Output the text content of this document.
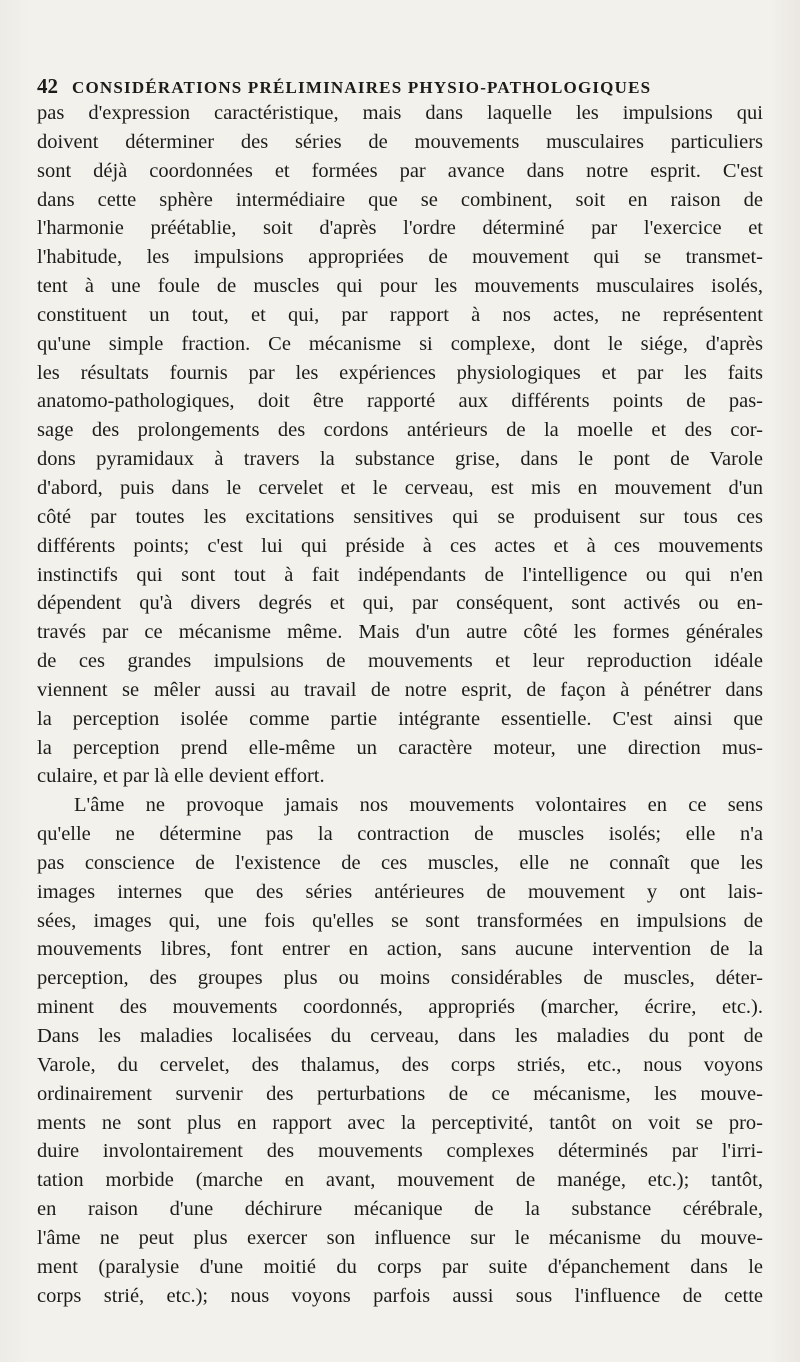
42 CONSIDÉRATIONS PRÉLIMINAIRES PHYSIO-PATHOLOGIQUES
pas d'expression caractéristique, mais dans laquelle les impulsions qui
doivent déterminer des séries de mouvements musculaires particuliers
sont déjà coordonnées et formées par avance dans notre esprit. C'est
dans cette sphère intermédiaire que se combinent, soit en raison de
l'harmonie préétablie, soit d'après l'ordre déterminé par l'exercice et
l'habitude, les impulsions appropriées de mouvement qui se transmet-
tent à une foule de muscles qui pour les mouvements musculaires isolés,
constituent un tout, et qui, par rapport à nos actes, ne représentent
qu'une simple fraction. Ce mécanisme si complexe, dont le siége, d'après
les résultats fournis par les expériences physiologiques et par les faits
anatomo-pathologiques, doit être rapporté aux différents points de pas-
sage des prolongements des cordons antérieurs de la moelle et des cor-
dons pyramidaux à travers la substance grise, dans le pont de Varole
d'abord, puis dans le cervelet et le cerveau, est mis en mouvement d'un
côté par toutes les excitations sensitives qui se produisent sur tous ces
différents points; c'est lui qui préside à ces actes et à ces mouvements
instinctifs qui sont tout à fait indépendants de l'intelligence ou qui n'en
dépendent qu'à divers degrés et qui, par conséquent, sont activés ou en-
través par ce mécanisme même. Mais d'un autre côté les formes générales
de ces grandes impulsions de mouvements et leur reproduction idéale
viennent se mêler aussi au travail de notre esprit, de façon à pénétrer dans
la perception isolée comme partie intégrante essentielle. C'est ainsi que
la perception prend elle-même un caractère moteur, une direction mus-
culaire, et par là elle devient effort.
L'âme ne provoque jamais nos mouvements volontaires en ce sens
qu'elle ne détermine pas la contraction de muscles isolés; elle n'a
pas conscience de l'existence de ces muscles, elle ne connaît que les
images internes que des séries antérieures de mouvement y ont lais-
sées, images qui, une fois qu'elles se sont transformées en impulsions de
mouvements libres, font entrer en action, sans aucune intervention de la
perception, des groupes plus ou moins considérables de muscles, déter-
minent des mouvements coordonnés, appropriés (marcher, écrire, etc.).
Dans les maladies localisées du cerveau, dans les maladies du pont de
Varole, du cervelet, des thalamus, des corps striés, etc., nous voyons
ordinairement survenir des perturbations de ce mécanisme, les mouve-
ments ne sont plus en rapport avec la perceptivité, tantôt on voit se pro-
duire involontairement des mouvements complexes déterminés par l'irri-
tation morbide (marche en avant, mouvement de manége, etc.); tantôt,
en raison d'une déchirure mécanique de la substance cérébrale,
l'âme ne peut plus exercer son influence sur le mécanisme du mouve-
ment (paralysie d'une moitié du corps par suite d'épanchement dans le
corps strié, etc.); nous voyons parfois aussi sous l'influence de cette
